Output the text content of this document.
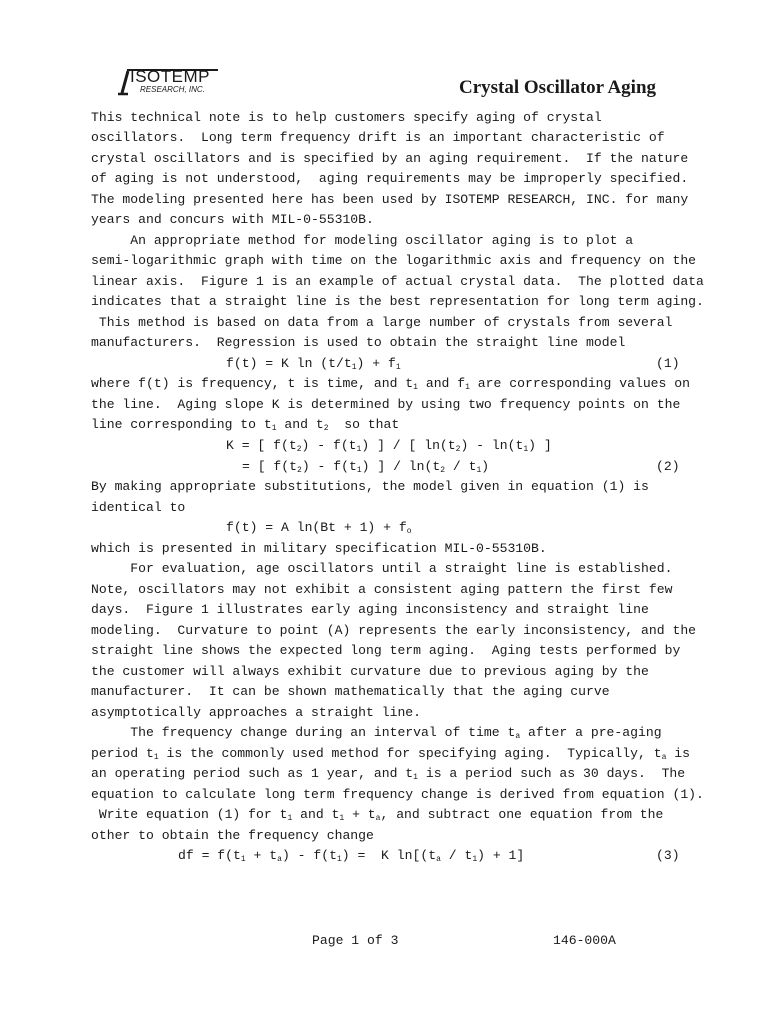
ISOTEMP
RESEARCH, INC.	Crystal Oscillator Aging
This technical note is to help customers specify aging of crystal
oscillators.  Long term frequency drift is an important characteristic of
crystal oscillators and is specified by an aging requirement.  If the nature
of aging is not understood,  aging requirements may be improperly specified.
The modeling presented here has been used by ISOTEMP RESEARCH, INC. for many
years and concurs with MIL-0-55310B.
An appropriate method for modeling oscillator aging is to plot a
semi-logarithmic graph with time on the logarithmic axis and frequency on the
linear axis.  Figure 1 is an example of actual crystal data.  The plotted data
indicates that a straight line is the best representation for long term aging.
This method is based on data from a large number of crystals from several
manufacturers.  Regression is used to obtain the straight line model
f(t) = K $\ln (t/t_1) + f_1$	(1)
where f(t) is frequency, t is time, and $t_1$ and $f_1$ are corresponding values on
the line.  Aging slope K is determined by using two frequency points on the
line corresponding to $t_1$ and $t_2$  so that
K = [ $f(t_2) - f(t_1)$ ] / [ $\ln(t_2) - \ln(t_1)$ ]
= [ $f(t_2) - f(t_1)$ ] / $\ln(t_2 / t_1)$	(2)
By making appropriate substitutions, the model given in equation (1) is
identical to
f(t) = A $\ln(Bt + 1) + f_o$
which is presented in military specification MIL-0-55310B.
For evaluation, age oscillators until a straight line is established.
Note, oscillators may not exhibit a consistent aging pattern the first few
days.  Figure 1 illustrates early aging inconsistency and straight line
modeling.  Curvature to point (A) represents the early inconsistency, and the
straight line shows the expected long term aging.  Aging tests performed by
the customer will always exhibit curvature due to previous aging by the
manufacturer.  It can be shown mathematically that the aging curve
asymptotically approaches a straight line.
The frequency change during an interval of time $t_a$ after a pre-aging
period $t_1$ is the commonly used method for specifying aging.  Typically, $t_a$ is
an operating period such as 1 year, and $t_1$ is a period such as 30 days.  The
equation to calculate long term frequency change is derived from equation (1).
Write equation (1) for $t_1$ and $t_1 + t_a$, and subtract one equation from the
other to obtain the frequency change
df = $f(t_1 + t_a) - f(t_1) = K$ $\ln[(t_a / t_1) + 1]$	(3)

Page 1 of 3

	146-000A
